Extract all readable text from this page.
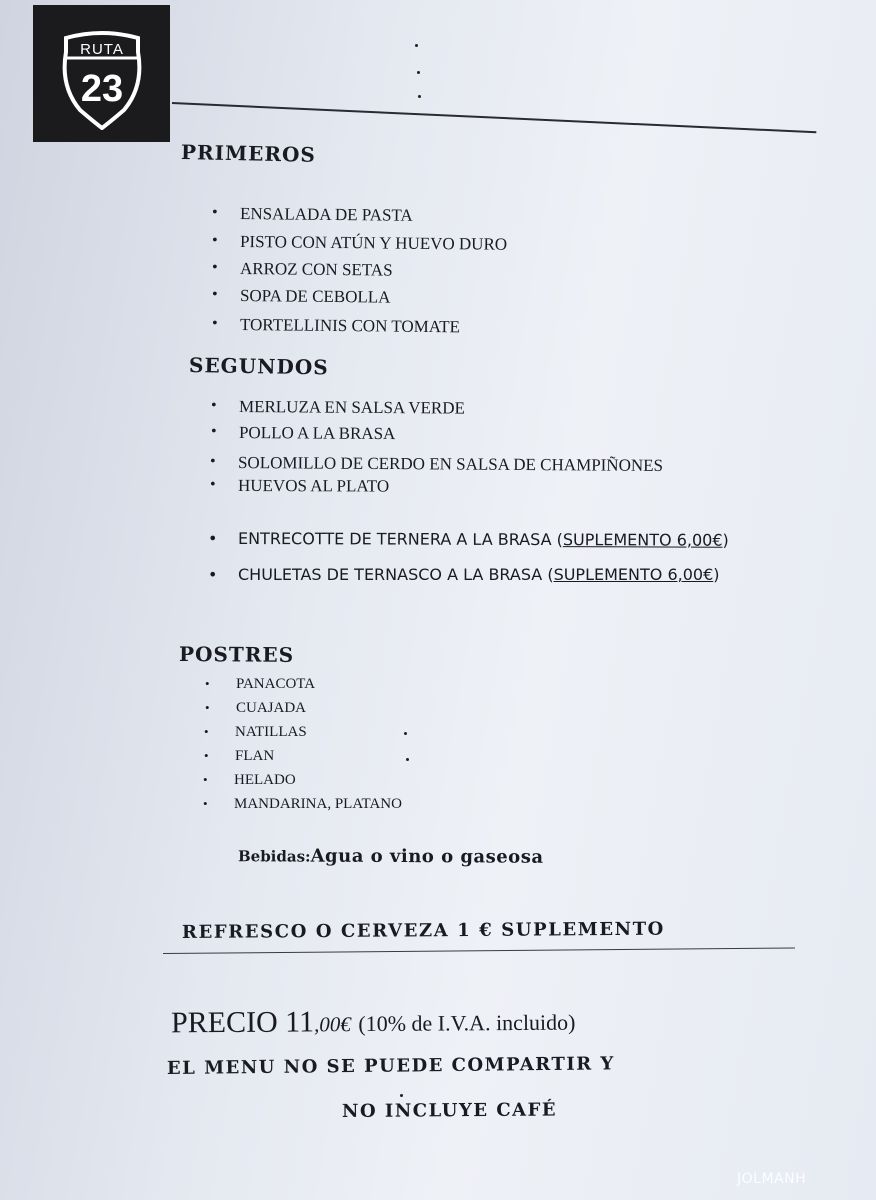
RUTA
23
PRIMEROS
• ENSALADA DE PASTA
• PISTO CON ATÚN Y HUEVO DURO
• ARROZ CON SETAS
• SOPA DE CEBOLLA
• TORTELLINIS CON TOMATE
SEGUNDOS
• MERLUZA EN SALSA VERDE
• POLLO A LA BRASA
• SOLOMILLO DE CERDO EN SALSA DE CHAMPIÑONES
• HUEVOS AL PLATO
• ENTRECOTTE DE TERNERA A LA BRASA (SUPLEMENTO 6,00€)
• CHULETAS DE TERNASCO A LA BRASA (SUPLEMENTO 6,00€)
POSTRES
• PANACOTA
• CUAJADA
• NATILLAS
• FLAN
• HELADO
• MANDARINA, PLATANO
Bebidas:Agua o vino o gaseosa
REFRESCO O CERVEZA 1 € SUPLEMENTO
PRECIO 11,00€ (10% de I.V.A. incluido)
EL MENU NO SE PUEDE COMPARTIR Y
NO INCLUYE CAFÉ
JOLMANH
